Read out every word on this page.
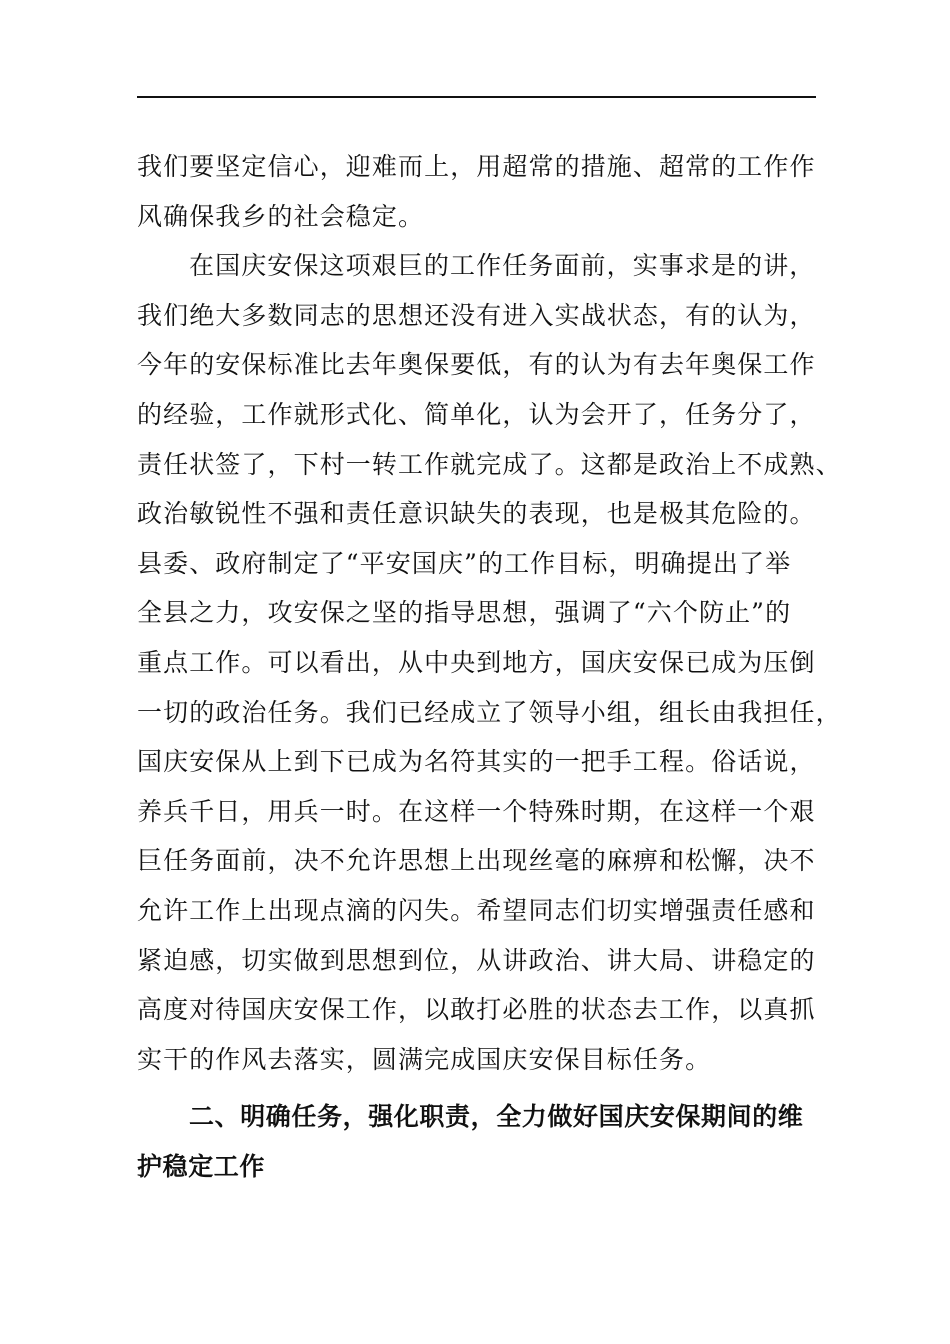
我们要坚定信心，迎难而上，用超常的措施、超常的工作作
风确保我乡的社会稳定。
在国庆安保这项艰巨的工作任务面前，实事求是的讲，
我们绝大多数同志的思想还没有进入实战状态，有的认为，
今年的安保标准比去年奥保要低，有的认为有去年奥保工作
的经验，工作就形式化、简单化，认为会开了，任务分了，
责任状签了，下村一转工作就完成了。这都是政治上不成熟、
政治敏锐性不强和责任意识缺失的表现，也是极其危险的。
县委、政府制定了“平安国庆”的工作目标，明确提出了举
全县之力，攻安保之坚的指导思想，强调了“六个防止”的
重点工作。可以看出，从中央到地方，国庆安保已成为压倒
一切的政治任务。我们已经成立了领导小组，组长由我担任，
国庆安保从上到下已成为名符其实的一把手工程。俗话说，
养兵千日，用兵一时。在这样一个特殊时期，在这样一个艰
巨任务面前，决不允许思想上出现丝毫的麻痹和松懈，决不
允许工作上出现点滴的闪失。希望同志们切实增强责任感和
紧迫感，切实做到思想到位，从讲政治、讲大局、讲稳定的
高度对待国庆安保工作，以敢打必胜的状态去工作，以真抓
实干的作风去落实，圆满完成国庆安保目标任务。
二、明确任务，强化职责，全力做好国庆安保期间的维
护稳定工作
